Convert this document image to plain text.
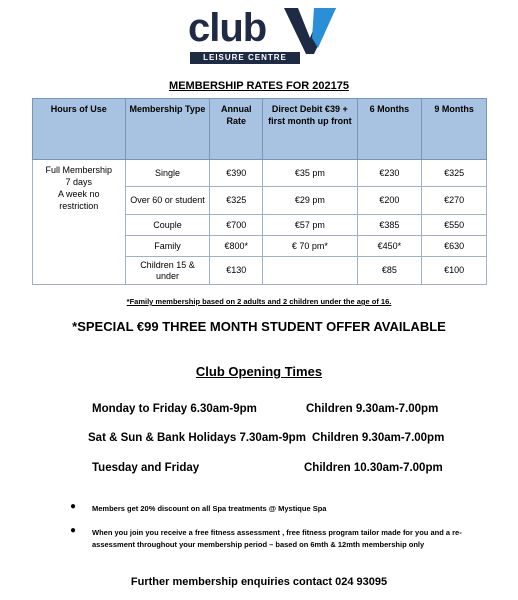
club
LEISURE CENTRE
MEMBERSHIP RATES FOR 202175
Hours of Use	Membership Type	Annual Rate	Direct Debit €39 + first month up front	6 Months	9 Months

Full Membership
7 days
A week no
restriction	Single	€390	€35 pm	€230	€325
	Over 60 or student	€325	€29 pm	€200	€270
	Couple	€700	€57 pm	€385	€550
	Family	€800*	€ 70 pm*	€450*	€630
	Children 15 & under	€130		€85	€100
*Family membership based on 2 adults and 2 children under the age of 16.
*SPECIAL €99 THREE MONTH STUDENT OFFER AVAILABLE
Club Opening Times
Monday to Friday 6.30am-9pm	Children 9.30am-7.00pm
Sat & Sun & Bank Holidays 7.30am-9pm Children 9.30am-7.00pm
Tuesday and Friday	Children 10.30am-7.00pm
● Members get 20% discount on all Spa treatments @ Mystique Spa
● When you join you receive a free fitness assessment , free fitness program tailor made for you and a re- assessment throughout your membership period – based on 6mth & 12mth membership only
Further membership enquiries contact 024 93095
